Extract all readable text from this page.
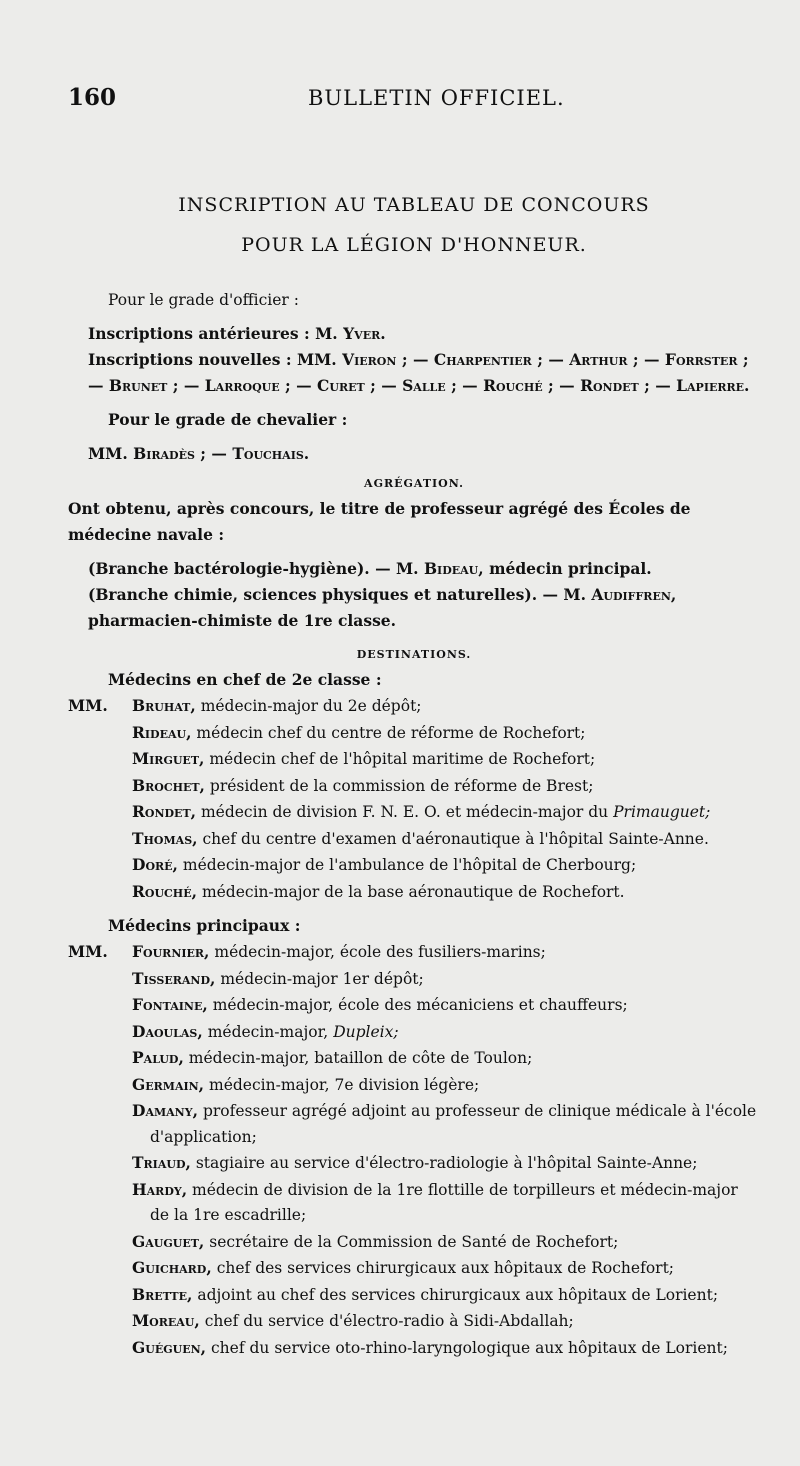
160	BULLETIN OFFICIEL.
INSCRIPTION AU TABLEAU DE CONCOURS
POUR LA LÉGION D'HONNEUR.

Pour le grade d'officier :

Inscriptions antérieures : M. Yver.

Inscriptions nouvelles : MM. Vieron ; — Charpentier ; — Arthur ; — Forrster ; — Brunet ; — Larroque ; — Curet ; — Salle ; — Rouché ; — Rondet ; — Lapierre.

Pour le grade de chevalier :

MM. Biradès ; — Touchais.

AGRÉGATION.

Ont obtenu, après concours, le titre de professeur agrégé des Écoles de médecine navale :

(Branche bactérologie-hygiène). — M. Bideau, médecin principal.

(Branche chimie, sciences physiques et naturelles). — M. Audiffren, pharmacien-chimiste de 1re classe.

DESTINATIONS.

Médecins en chef de 2e classe :

MM.	Bruhat, médecin-major du 2e dépôt;
Rideau, médecin chef du centre de réforme de Rochefort;
Mirguet, médecin chef de l'hôpital maritime de Rochefort;
Brochet, président de la commission de réforme de Brest;
Rondet, médecin de division F. N. E. O. et médecin-major du Primauguet;
Thomas, chef du centre d'examen d'aéronautique à l'hôpital Sainte-Anne.
Doré, médecin-major de l'ambulance de l'hôpital de Cherbourg;
Rouché, médecin-major de la base aéronautique de Rochefort.

Médecins principaux :

MM.	Fournier, médecin-major, école des fusiliers-marins;
Tisserand, médecin-major 1er dépôt;
Fontaine, médecin-major, école des mécaniciens et chauffeurs;
Daoulas, médecin-major, Dupleix;
Palud, médecin-major, bataillon de côte de Toulon;
Germain, médecin-major, 7e division légère;
Damany, professeur agrégé adjoint au professeur de clinique médicale à l'école d'application;
Triaud, stagiaire au service d'électro-radiologie à l'hôpital Sainte-Anne;
Hardy, médecin de division de la 1re flottille de torpilleurs et médecin-major de la 1re escadrille;
Gauguet, secrétaire de la Commission de Santé de Rochefort;
Guichard, chef des services chirurgicaux aux hôpitaux de Rochefort;
Brette, adjoint au chef des services chirurgicaux aux hôpitaux de Lorient;
Moreau, chef du service d'électro-radio à Sidi-Abdallah;
Guéguen, chef du service oto-rhino-laryngologique aux hôpitaux de Lorient;
